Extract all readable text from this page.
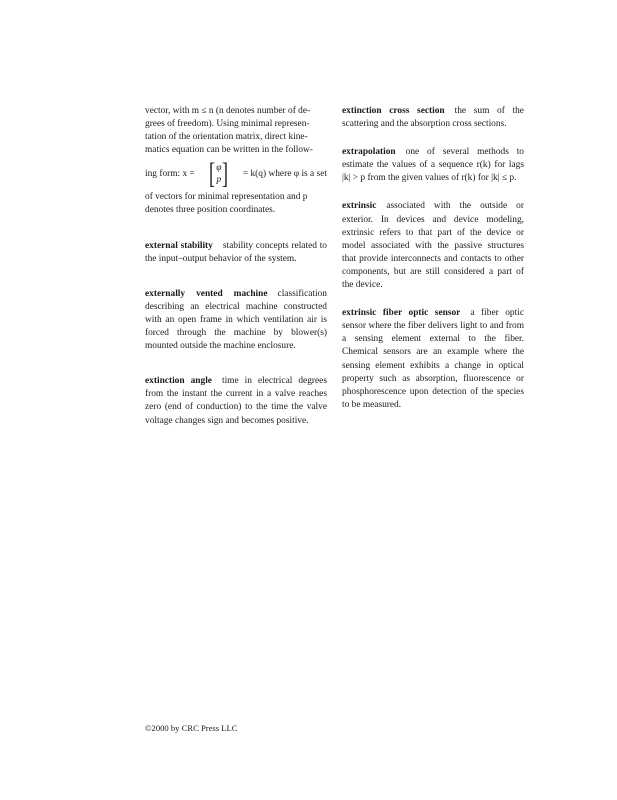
vector, with m ≤ n (n denotes number of de-
grees of freedom). Using minimal represen-
tation of the orientation matrix, direct kine-
matics equation can be written in the follow-
ing form: x = [ φ
p ] = k(q) where φ is a set
of vectors for minimal representation and p
denotes three position coordinates.
external stability stability concepts related to the input–output behavior of the system.
externally vented machine classification describing an electrical machine constructed with an open frame in which ventilation air is forced through the machine by blower(s) mounted outside the machine enclosure.
extinction angle time in electrical degrees from the instant the current in a valve reaches zero (end of conduction) to the time the valve voltage changes sign and becomes positive.
extinction cross section the sum of the scattering and the absorption cross sections.
extrapolation one of several methods to estimate the values of a sequence r(k) for lags |k| > p from the given values of r(k) for |k| ≤ p.
extrinsic associated with the outside or exterior. In devices and device modeling, extrinsic refers to that part of the device or model associated with the passive structures that provide interconnects and contacts to other components, but are still considered a part of the device.
extrinsic fiber optic sensor a fiber optic sensor where the fiber delivers light to and from a sensing element external to the fiber. Chemical sensors are an example where the sensing element exhibits a change in optical property such as absorption, fluorescence or phosphorescence upon detection of the species to be measured.
©2000 by CRC Press LLC
